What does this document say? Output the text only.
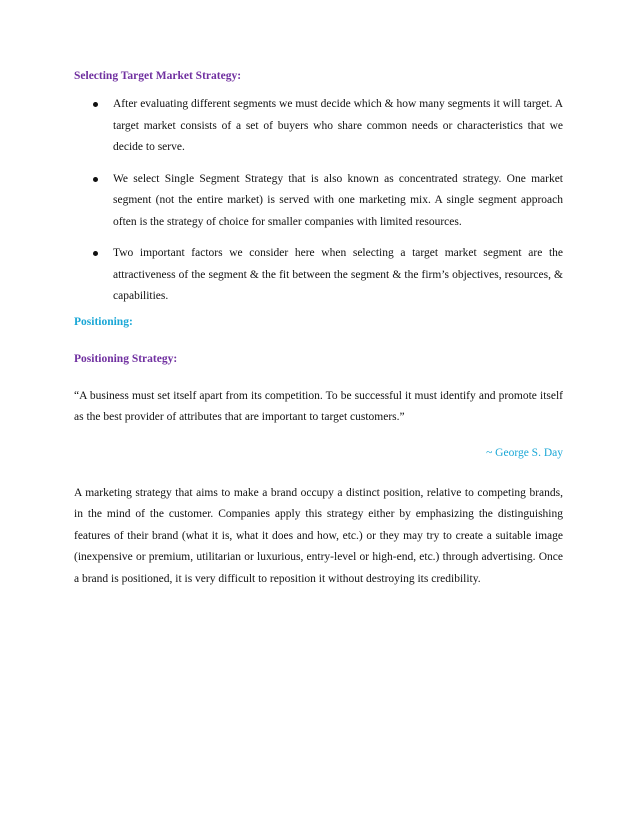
Selecting Target Market Strategy:
After evaluating different segments we must decide which & how many segments it will target. A target market consists of a set of buyers who share common needs or characteristics that we decide to serve.
We select Single Segment Strategy that is also known as concentrated strategy. One market segment (not the entire market) is served with one marketing mix. A single segment approach often is the strategy of choice for smaller companies with limited resources.
Two important factors we consider here when selecting a target market segment are the attractiveness of the segment & the fit between the segment & the firm’s objectives, resources, & capabilities.
Positioning:
Positioning Strategy:

“A business must set itself apart from its competition. To be successful it must identify and promote itself as the best provider of attributes that are important to target customers.”

~ George S. Day

A marketing strategy that aims to make a brand occupy a distinct position, relative to competing brands, in the mind of the customer. Companies apply this strategy either by emphasizing the distinguishing features of their brand (what it is, what it does and how, etc.) or they may try to create a suitable image (inexpensive or premium, utilitarian or luxurious, entry-level or high-end, etc.) through advertising. Once a brand is positioned, it is very difficult to reposition it without destroying its credibility.
